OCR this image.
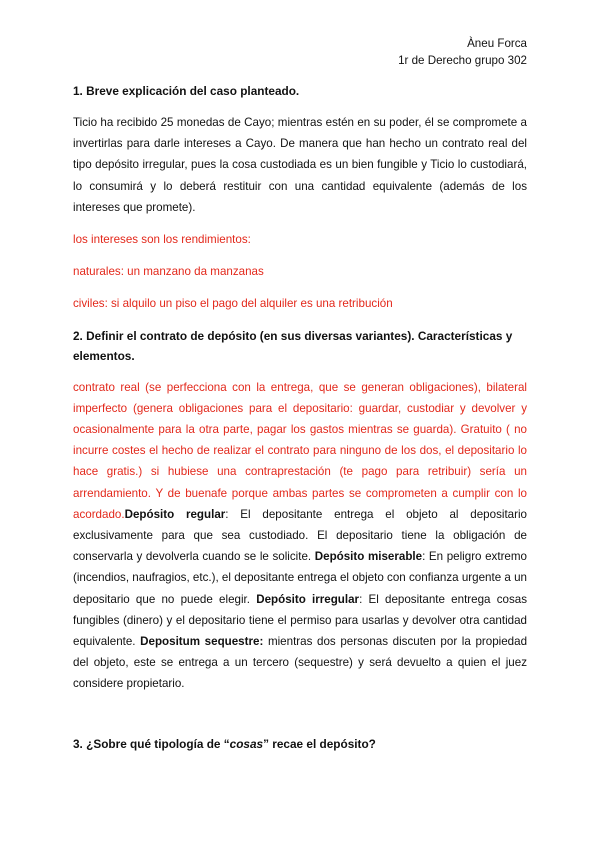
Àneu Forca
1r de Derecho grupo 302
1. Breve explicación del caso planteado.

Ticio ha recibido 25 monedas de Cayo; mientras estén en su poder, él se compromete a invertirlas para darle intereses a Cayo. De manera que han hecho un contrato real del tipo depósito irregular, pues la cosa custodiada es un bien fungible y Ticio lo custodiará, lo consumirá y lo deberá restituir con una cantidad equivalente (además de los intereses que promete).

los intereses son los rendimientos:

naturales: un manzano da manzanas

civiles: si alquilo un piso el pago del alquiler es una retribución

2. Definir el contrato de depósito (en sus diversas variantes). Características y elementos.

contrato real (se perfecciona con la entrega, que se generan obligaciones), bilateral imperfecto (genera obligaciones para el depositario: guardar, custodiar y devolver y ocasionalmente para la otra parte, pagar los gastos mientras se guarda). Gratuito ( no incurre costes el hecho de realizar el contrato para ninguno de los dos, el depositario lo hace gratis.) si hubiese una contraprestación (te pago para retribuir) sería un arrendamiento. Y de buenafe porque ambas partes se comprometen a cumplir con lo acordado.Depósito regular: El depositante entrega el objeto al depositario exclusivamente para que sea custodiado. El depositario tiene la obligación de conservarla y devolverla cuando se le solicite. Depósito miserable: En peligro extremo (incendios, naufragios, etc.), el depositante entrega el objeto con confianza urgente a un depositario que no puede elegir. Depósito irregular: El depositante entrega cosas fungibles (dinero) y el depositario tiene el permiso para usarlas y devolver otra cantidad equivalente. Depositum sequestre: mientras dos personas discuten por la propiedad del objeto, este se entrega a un tercero (sequestre) y será devuelto a quien el juez considere propietario.

3. ¿Sobre qué tipología de “cosas” recae el depósito?
